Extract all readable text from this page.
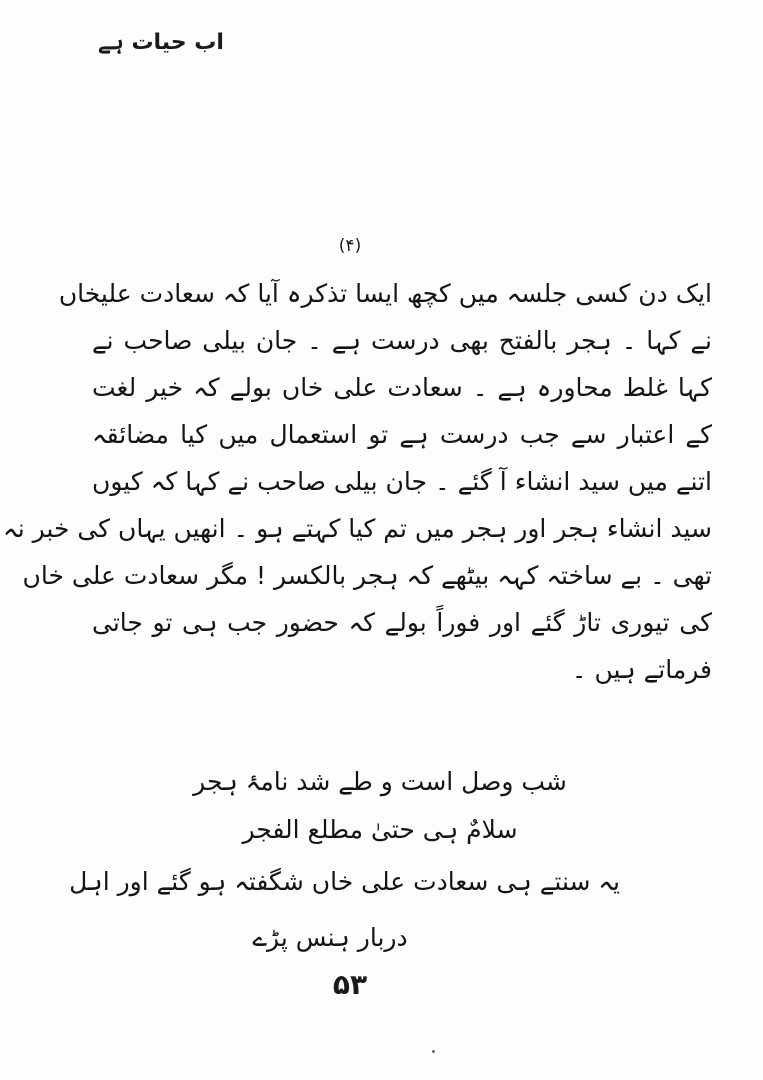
اب حیات ہے
(۴)
ایک دن کسی جلسہ میں کچھ ایسا تذکرہ آیا کہ سعادت علیخاں
نے کہا ۔ ہجر بالفتح بھی درست ہے ۔ جان بیلی صاحب نے
کہا غلط محاورہ ہے ۔ سعادت علی خاں بولے کہ خیر لغت
کے اعتبار سے جب درست ہے تو استعمال میں کیا مضائقہ
اتنے میں سید انشاء آ گئے ۔ جان بیلی صاحب نے کہا کہ کیوں
سید انشاء ہجر اور ہجر میں تم کیا کہتے ہو ۔ انھیں یہاں کی خبر نہ
تھی ۔ بے ساختہ کہہ بیٹھے کہ ہجر بالکسر ! مگر سعادت علی خاں
کی تیوری تاڑ گئے اور فوراً بولے کہ حضور جب ہی تو جاتی
فرماتے ہیں ۔
شب وصل است و طے شد نامۂ ہجر
سلامٌ ہی حتیٰ مطلع الفجر
یہ سنتے ہی سعادت علی خاں شگفتہ ہو گئے اور اہل
دربار ہنس پڑے
۵۳
